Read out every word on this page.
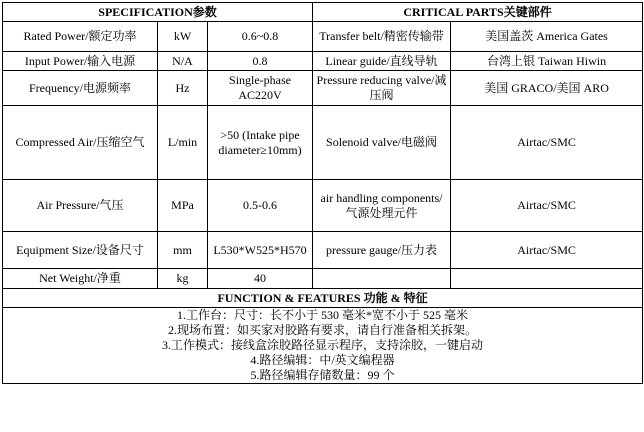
SPECIFICATION参数			CRITICAL PARTS关键部件	
Rated Power/额定功率	kW	0.6~0.8	Transfer belt/精密传输带	美国盖茨 America Gates
Input Power/输入电源	N/A	0.8	Linear guide/直线导轨	台湾上银 Taiwan Hiwin
Frequency/电源频率	Hz	Single-phase AC220V	Pressure reducing valve/减压阀	美国 GRACO/美国 ARO
Compressed Air/压缩空气	L/min	>50 (Intake pipe diameter≥10mm)	Solenoid valve/电磁阀	Airtac/SMC
Air Pressure/气压	MPa	0.5-0.6	air handling components/气源处理元件	Airtac/SMC
Equipment Size/设备尺寸	mm	L530*W525*H570	pressure gauge/压力表	Airtac/SMC
Net Weight/净重	kg	40		
FUNCTION & FEATURES 功能 & 特征				

1.工作台：尺寸：长不小于 530 毫米*宽不小于 525 毫米
2.现场布置：如买家对胶路有要求，请自行准备相关拆架。
3.工作模式：接线盒涂胶路径显示程序，支持涂胶，一键启动
4.路径编辑：中/英文编程器
5.路径编辑存储数量：99 个				
